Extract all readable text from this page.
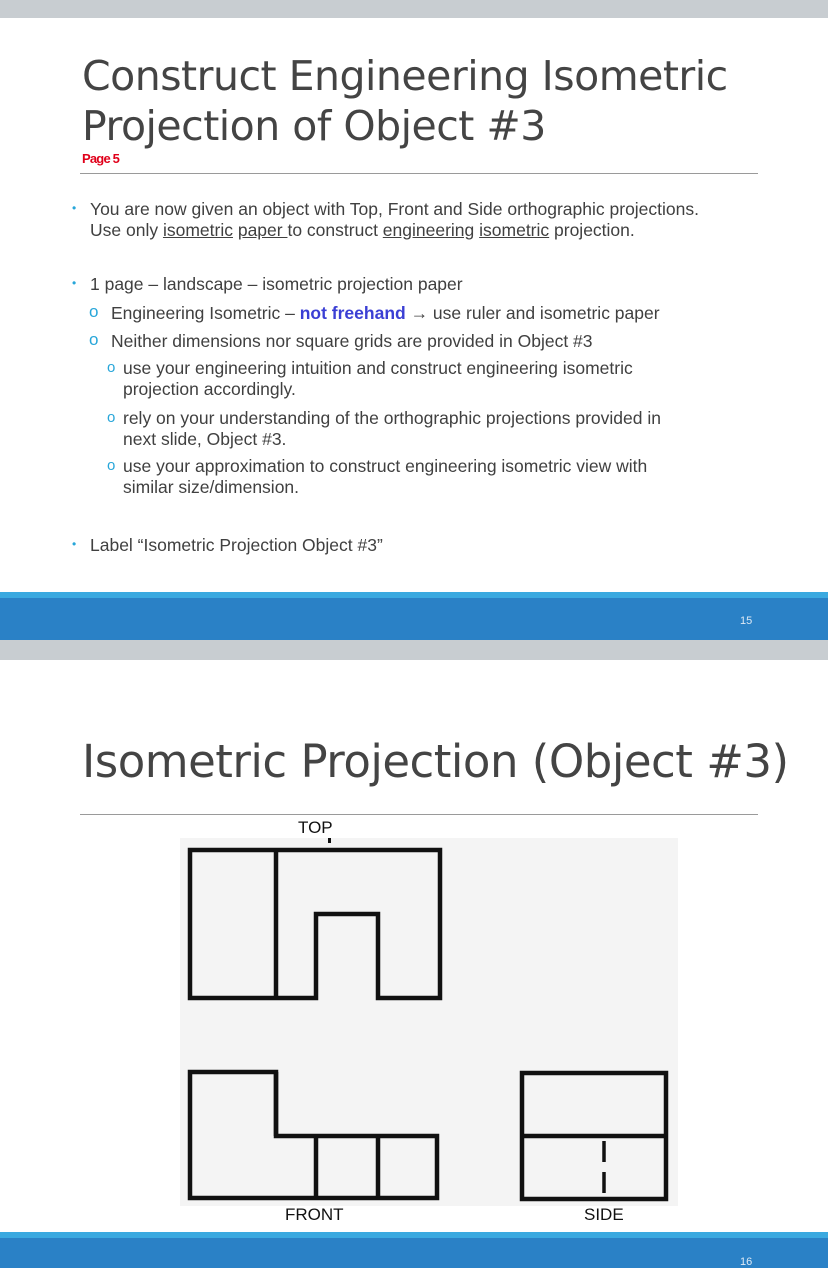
Construct Engineering Isometric
Projection of Object #3
Page 5
• You are now given an object with Top, Front and Side orthographic projections.
Use only isometric paper to construct engineering isometric projection.
• 1 page – landscape – isometric projection paper
o Engineering Isometric – not freehand → use ruler and isometric paper
o Neither dimensions nor square grids are provided in Object #3
o use your engineering intuition and construct engineering isometric
projection accordingly.
o rely on your understanding of the orthographic projections provided in
next slide, Object #3.
o use your approximation to construct engineering isometric view with
similar size/dimension.
• Label “Isometric Projection Object #3”
15
Isometric Projection (Object #3)
TOP
FRONT	SIDE
16
